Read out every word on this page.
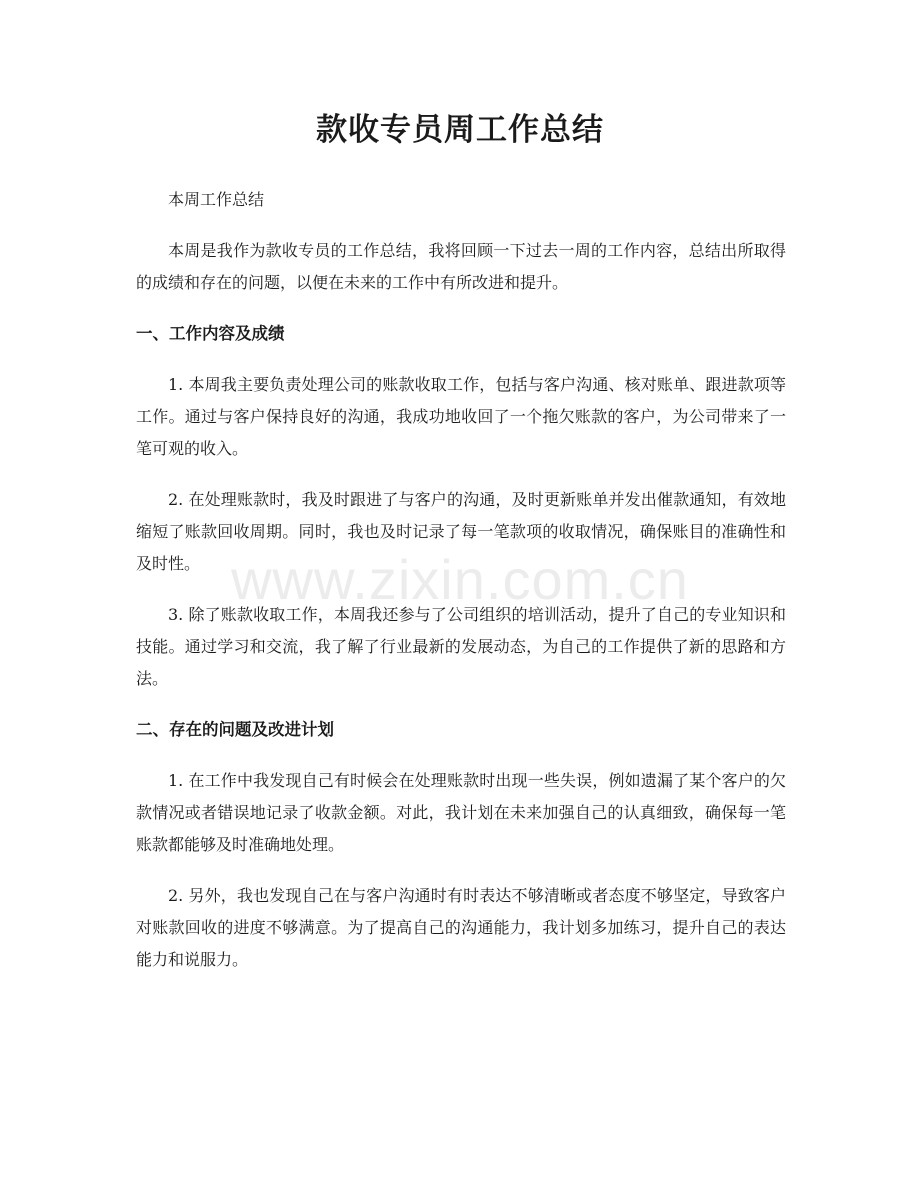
款收专员周工作总结

本周工作总结

本周是我作为款收专员的工作总结，我将回顾一下过去一周的工作内容，总结出所取得的成绩和存在的问题，以便在未来的工作中有所改进和提升。

一、工作内容及成绩

1. 本周我主要负责处理公司的账款收取工作，包括与客户沟通、核对账单、跟进款项等工作。通过与客户保持良好的沟通，我成功地收回了一个拖欠账款的客户，为公司带来了一笔可观的收入。

2. 在处理账款时，我及时跟进了与客户的沟通，及时更新账单并发出催款通知，有效地缩短了账款回收周期。同时，我也及时记录了每一笔款项的收取情况，确保账目的准确性和及时性。

3. 除了账款收取工作，本周我还参与了公司组织的培训活动，提升了自己的专业知识和技能。通过学习和交流，我了解了行业最新的发展动态，为自己的工作提供了新的思路和方法。

二、存在的问题及改进计划

1. 在工作中我发现自己有时候会在处理账款时出现一些失误，例如遗漏了某个客户的欠款情况或者错误地记录了收款金额。对此，我计划在未来加强自己的认真细致，确保每一笔账款都能够及时准确地处理。

2. 另外，我也发现自己在与客户沟通时有时表达不够清晰或者态度不够坚定，导致客户对账款回收的进度不够满意。为了提高自己的沟通能力，我计划多加练习，提升自己的表达能力和说服力。

www.zixin.com.cn
